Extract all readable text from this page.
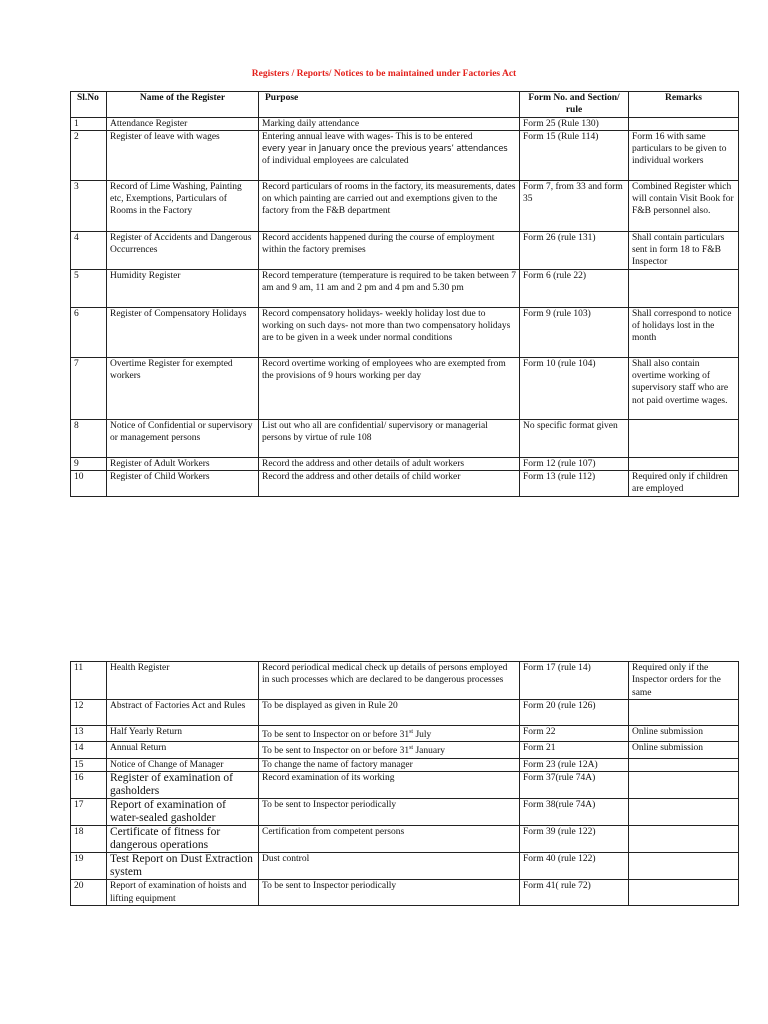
Registers / Reports/ Notices to be maintained under Factories Act
Sl.No	Name of the Register	Purpose	Form No. and Section/ rule	Remarks
1	Attendance Register	Marking daily attendance	Form 25 (Rule 130)	
2	Register of leave with wages	Entering annual leave with wages- This is to be entered
every year in January once the previous years’ attendances
of individual employees are calculated	Form 15 (Rule 114)	Form 16 with same particulars to be given to individual workers
3	Record of Lime Washing, Painting etc, Exemptions, Particulars of Rooms in the Factory	Record particulars of rooms in the factory, its measurements, dates on which painting are carried out and exemptions given to the factory from the F&B department	Form 7, from 33 and form 35	Combined Register which will contain Visit Book for F&B personnel also.
4	Register of Accidents and Dangerous Occurrences	Record accidents happened during the course of employment within the factory premises	Form 26 (rule 131)	Shall contain particulars sent in form 18 to F&B Inspector
5	Humidity Register	Record temperature (temperature is required to be taken between 7 am and 9 am, 11 am and 2 pm and 4 pm and 5.30 pm	Form 6 (rule 22)	
6	Register of Compensatory Holidays	Record compensatory holidays- weekly holiday lost due to working on such days- not more than two compensatory holidays are to be given in a week under normal conditions	Form 9 (rule 103)	Shall correspond to notice of holidays lost in the month
7	Overtime Register for exempted workers	Record overtime working of employees who are exempted from the provisions of 9 hours working per day	Form 10 (rule 104)	Shall also contain overtime working of supervisory staff who are not paid overtime wages.
8	Notice of Confidential or supervisory or management persons	List out who all are confidential/ supervisory or managerial persons by virtue of rule 108	No specific format given	
9	Register of Adult Workers	Record the address and other details of adult workers	Form 12 (rule 107)	
10	Register of Child Workers	Record the address and other details of child worker	Form 13 (rule 112)	Required only if children are employed
11	Health Register	Record periodical medical check up details of persons employed in such processes which are declared to be dangerous processes	Form 17 (rule 14)	Required only if the Inspector orders for the same
12	Abstract of Factories Act and Rules	To be displayed as given in Rule 20	Form 20 (rule 126)	
13	Half Yearly Return	To be sent to Inspector on or before 31st July	Form 22	Online submission
14	Annual Return	To be sent to Inspector on or before 31st January	Form 21	Online submission
15	Notice of Change of Manager	To change the name of factory manager	Form 23 (rule 12A)	
16	Register of examination of gasholders	Record examination of its working	Form 37(rule 74A)	
17	Report of examination of water-sealed gasholder	To be sent to Inspector periodically	Form 38(rule 74A)	
18	Certificate of fitness for dangerous operations	Certification from competent persons	Form 39 (rule 122)	
19	Test Report on Dust Extraction system	Dust control	Form 40 (rule 122)	
20	Report of examination of hoists and lifting equipment	To be sent to Inspector periodically	Form 41( rule 72)	
